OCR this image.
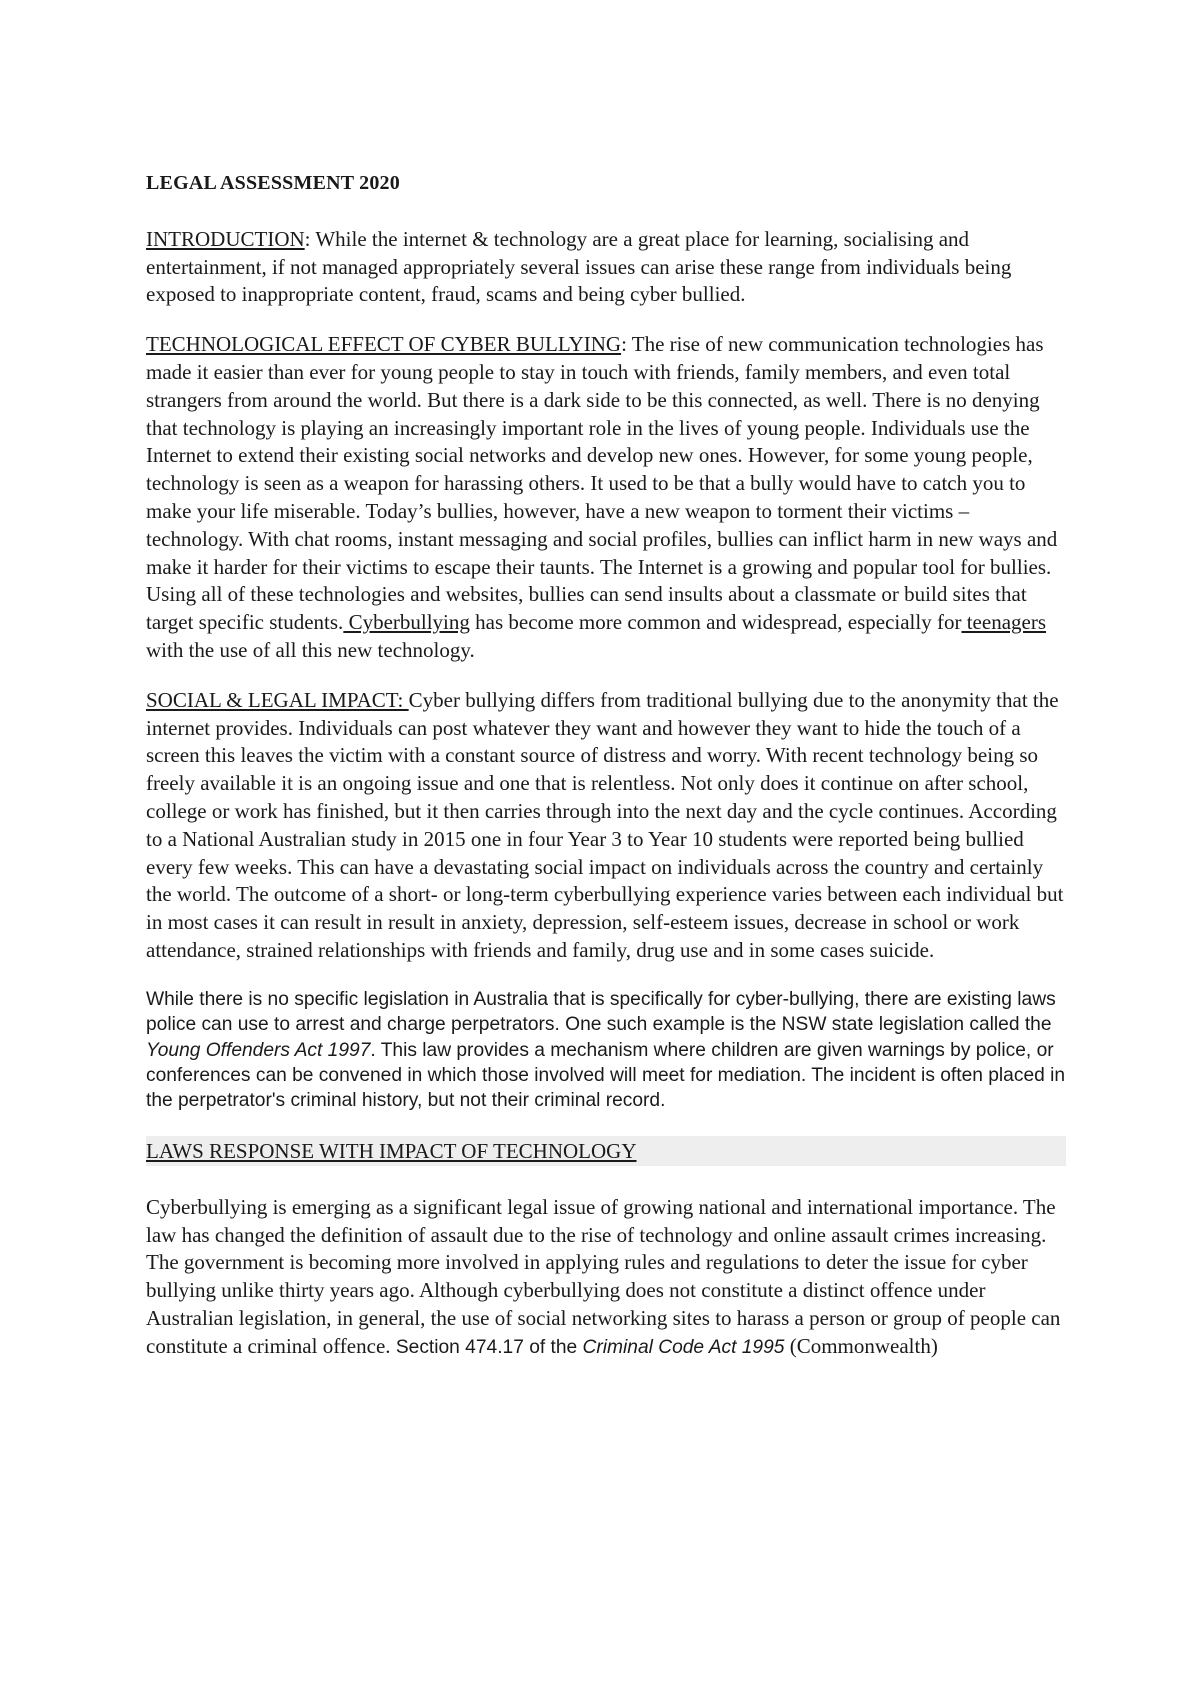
LEGAL ASSESSMENT 2020

INTRODUCTION: While the internet & technology are a great place for learning, socialising and entertainment, if not managed appropriately several issues can arise these range from individuals being exposed to inappropriate content, fraud, scams and being cyber bullied.

TECHNOLOGICAL EFFECT OF CYBER BULLYING: The rise of new communication technologies has made it easier than ever for young people to stay in touch with friends, family members, and even total strangers from around the world. But there is a dark side to be this connected, as well. There is no denying that technology is playing an increasingly important role in the lives of young people. Individuals use the Internet to extend their existing social networks and develop new ones. However, for some young people, technology is seen as a weapon for harassing others. It used to be that a bully would have to catch you to make your life miserable. Today’s bullies, however, have a new weapon to torment their victims – technology. With chat rooms, instant messaging and social profiles, bullies can inflict harm in new ways and make it harder for their victims to escape their taunts. The Internet is a growing and popular tool for bullies. Using all of these technologies and websites, bullies can send insults about a classmate or build sites that target specific students. Cyberbullying has become more common and widespread, especially for teenagers with the use of all this new technology.

SOCIAL & LEGAL IMPACT: Cyber bullying differs from traditional bullying due to the anonymity that the internet provides. Individuals can post whatever they want and however they want to hide the touch of a screen this leaves the victim with a constant source of distress and worry. With recent technology being so freely available it is an ongoing issue and one that is relentless. Not only does it continue on after school, college or work has finished, but it then carries through into the next day and the cycle continues. According to a National Australian study in 2015 one in four Year 3 to Year 10 students were reported being bullied every few weeks. This can have a devastating social impact on individuals across the country and certainly the world. The outcome of a short- or long-term cyberbullying experience varies between each individual but in most cases it can result in result in anxiety, depression, self-esteem issues, decrease in school or work attendance, strained relationships with friends and family, drug use and in some cases suicide.

While there is no specific legislation in Australia that is specifically for cyber-bullying, there are existing laws police can use to arrest and charge perpetrators. One such example is the NSW state legislation called the Young Offenders Act 1997. This law provides a mechanism where children are given warnings by police, or conferences can be convened in which those involved will meet for mediation. The incident is often placed in the perpetrator's criminal history, but not their criminal record.

LAWS RESPONSE WITH IMPACT OF TECHNOLOGY

Cyberbullying is emerging as a significant legal issue of growing national and international importance. The law has changed the definition of assault due to the rise of technology and online assault crimes increasing. The government is becoming more involved in applying rules and regulations to deter the issue for cyber bullying unlike thirty years ago. Although cyberbullying does not constitute a distinct offence under Australian legislation, in general, the use of social networking sites to harass a person or group of people can constitute a criminal offence. Section 474.17 of the Criminal Code Act 1995 (Commonwealth)
